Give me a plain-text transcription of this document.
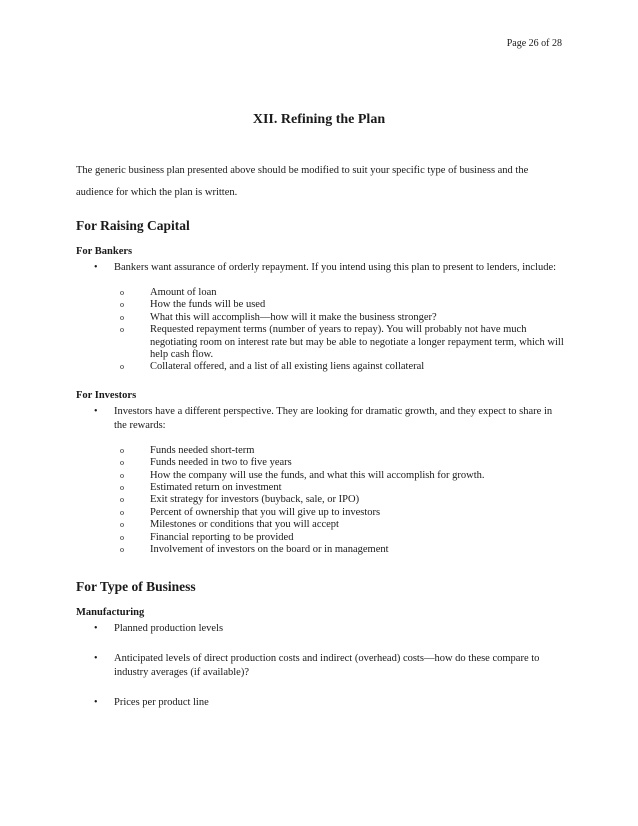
Page 26 of 28
XII. Refining the Plan

The generic business plan presented above should be modified to suit your specific type of business and the audience for which the plan is written.

For Raising Capital
For Bankers
• Bankers want assurance of orderly repayment. If you intend using this plan to present to lenders, include:
o Amount of loan
o How the funds will be used
o What this will accomplish—how will it make the business stronger?
o Requested repayment terms (number of years to repay). You will probably not have much negotiating room on interest rate but may be able to negotiate a longer repayment term, which will help cash flow.
o Collateral offered, and a list of all existing liens against collateral
For Investors
• Investors have a different perspective. They are looking for dramatic growth, and they expect to share in the rewards:
o Funds needed short-term
o Funds needed in two to five years
o How the company will use the funds, and what this will accomplish for growth.
o Estimated return on investment
o Exit strategy for investors (buyback, sale, or IPO)
o Percent of ownership that you will give up to investors
o Milestones or conditions that you will accept
o Financial reporting to be provided
o Involvement of investors on the board or in management
For Type of Business
Manufacturing
• Planned production levels
• Anticipated levels of direct production costs and indirect (overhead) costs—how do these compare to industry averages (if available)?
• Prices per product line
